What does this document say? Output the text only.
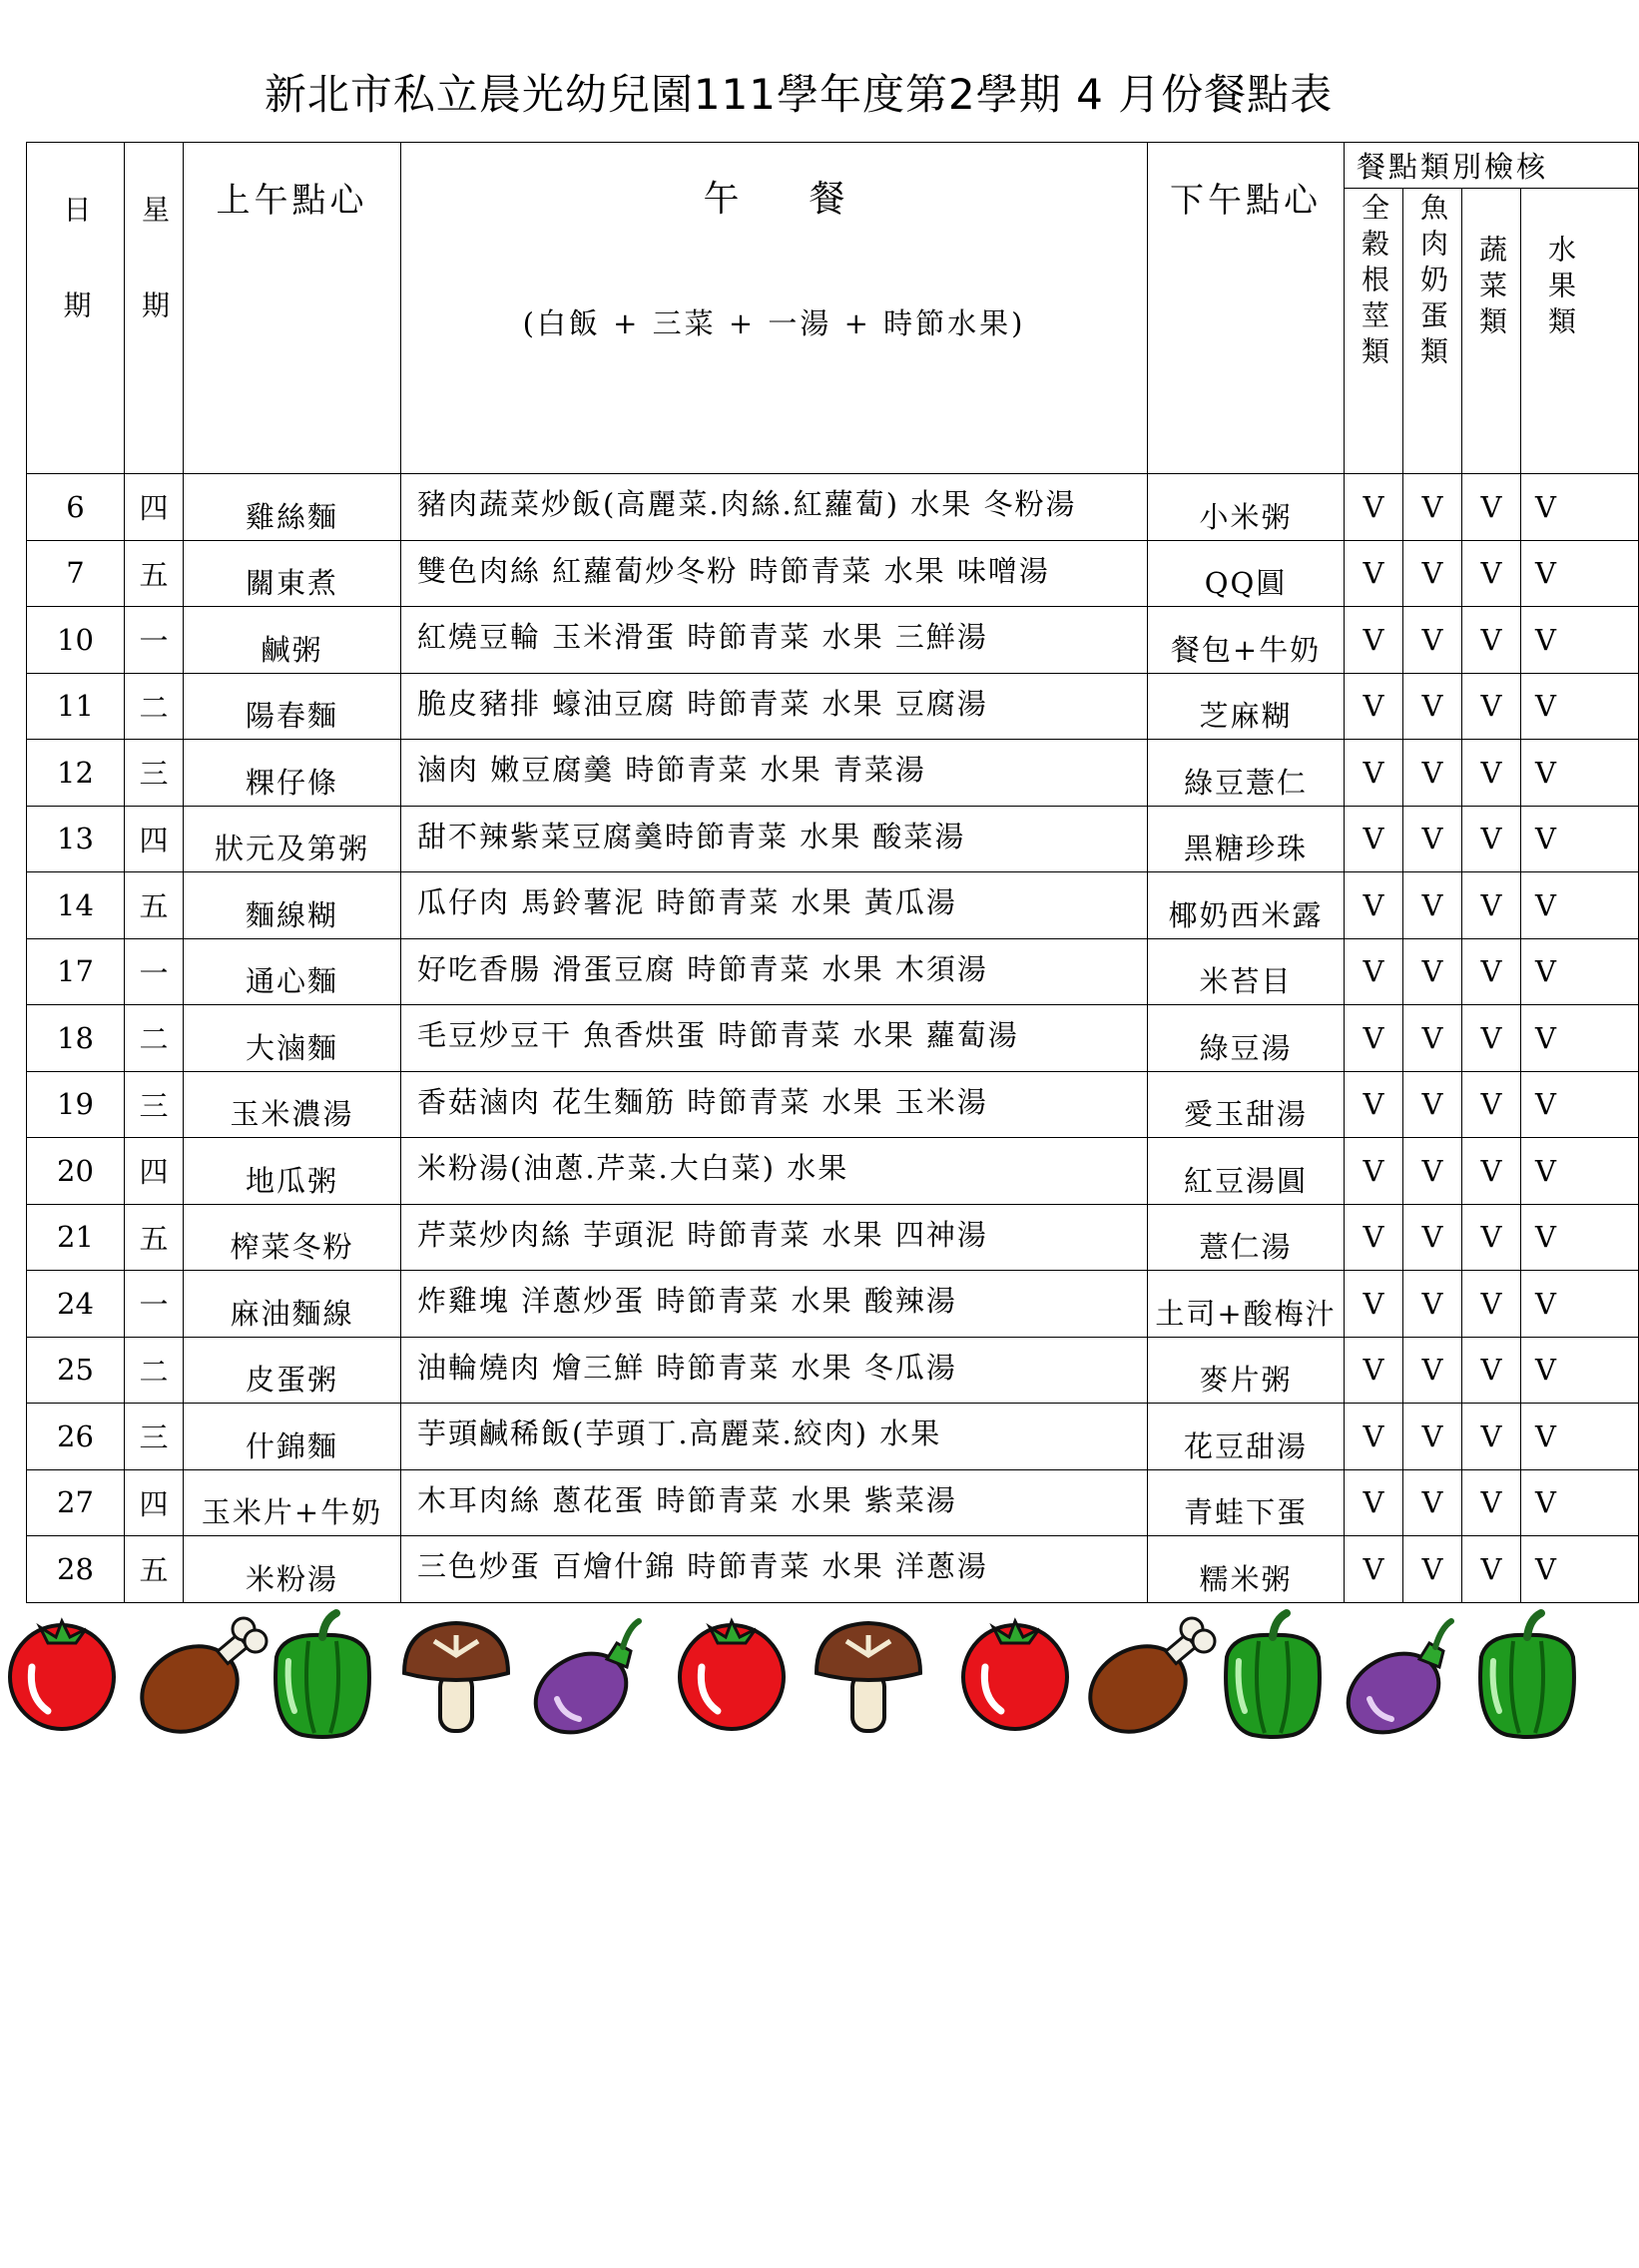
新北市私立晨光幼兒園111學年度第2學期 4 月份餐點表
日期	星期	上午點心	午餐
(白飯 + 三菜 + 一湯 + 時節水果)	下午點心	餐點類別檢核			
					全穀根莖類	魚肉奶蛋類	蔬菜類	水果類
6	四	雞絲麵	豬肉蔬菜炒飯(高麗菜.肉絲.紅蘿蔔) 水果 冬粉湯	小米粥	V	V	V	V
7	五	關東煮	雙色肉絲 紅蘿蔔炒冬粉 時節青菜 水果 味噌湯	QQ圓	V	V	V	V
10	一	鹹粥	紅燒豆輪 玉米滑蛋 時節青菜 水果 三鮮湯	餐包+牛奶	V	V	V	V
11	二	陽春麵	脆皮豬排 蠔油豆腐 時節青菜 水果 豆腐湯	芝麻糊	V	V	V	V
12	三	粿仔條	滷肉 嫩豆腐羹 時節青菜 水果 青菜湯	綠豆薏仁	V	V	V	V
13	四	狀元及第粥	甜不辣紫菜豆腐羹時節青菜 水果 酸菜湯	黑糖珍珠	V	V	V	V
14	五	麵線糊	瓜仔肉 馬鈴薯泥 時節青菜 水果 黃瓜湯	椰奶西米露	V	V	V	V
17	一	通心麵	好吃香腸 滑蛋豆腐 時節青菜 水果 木須湯	米苔目	V	V	V	V
18	二	大滷麵	毛豆炒豆干 魚香烘蛋 時節青菜 水果 蘿蔔湯	綠豆湯	V	V	V	V
19	三	玉米濃湯	香菇滷肉 花生麵筋 時節青菜 水果 玉米湯	愛玉甜湯	V	V	V	V
20	四	地瓜粥	米粉湯(油蔥.芹菜.大白菜) 水果	紅豆湯圓	V	V	V	V
21	五	榨菜冬粉	芹菜炒肉絲 芋頭泥 時節青菜 水果 四神湯	薏仁湯	V	V	V	V
24	一	麻油麵線	炸雞塊 洋蔥炒蛋 時節青菜 水果 酸辣湯	土司+酸梅汁	V	V	V	V
25	二	皮蛋粥	油輪燒肉 燴三鮮 時節青菜 水果 冬瓜湯	麥片粥	V	V	V	V
26	三	什錦麵	芋頭鹹稀飯(芋頭丁.高麗菜.絞肉) 水果	花豆甜湯	V	V	V	V
27	四	玉米片+牛奶	木耳肉絲 蔥花蛋 時節青菜 水果 紫菜湯	青蛙下蛋	V	V	V	V
28	五	米粉湯	三色炒蛋 百燴什錦 時節青菜 水果 洋蔥湯	糯米粥	V	V	V	V
